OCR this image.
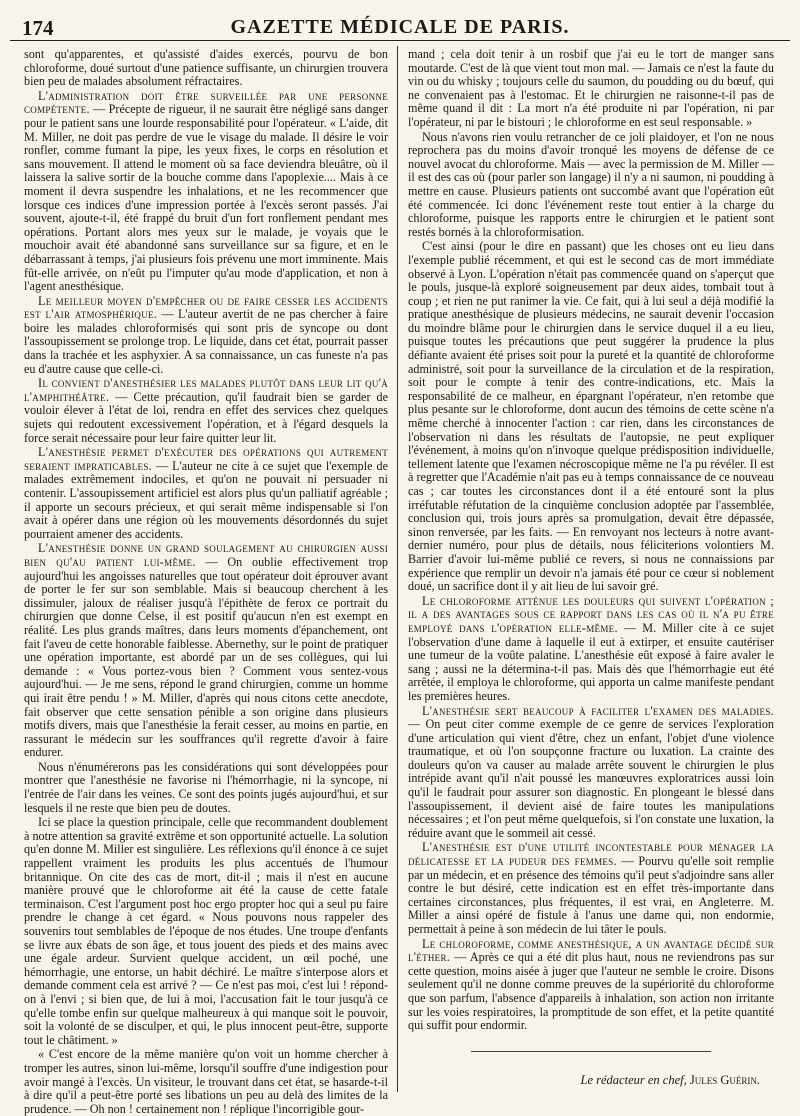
174	GAZETTE MÉDICALE DE PARIS.

sont qu'apparentes, et qu'assisté d'aides exercés, pourvu de bon chloroforme, doué surtout d'une patience suffisante, un chirurgien trouvera bien peu de malades absolument réfractaires.

L'administration doit être surveillée par une personne compétente. — Précepte de rigueur, il ne saurait être négligé sans danger pour le patient sans une lourde responsabilité pour l'opérateur. « L'aide, dit M. Miller, ne doit pas perdre de vue le visage du malade. Il désire le voir ronfler, comme fumant la pipe, les yeux fixes, le corps en résolution et sans mouvement. Il attend le moment où sa face deviendra bleuâtre, où il laissera la salive sortir de la bouche comme dans l'apoplexie.... Mais à ce moment il devra suspendre les inhalations, et ne les recommencer que lorsque ces indices d'une impression portée à l'excès seront passés. J'ai souvent, ajoute-t-il, été frappé du bruit d'un fort ronflement pendant mes opérations. Portant alors mes yeux sur le malade, je voyais que le mouchoir avait été abandonné sans surveillance sur sa figure, et en le débarrassant à temps, j'ai plusieurs fois prévenu une mort imminente. Mais fût-elle arrivée, on n'eût pu l'imputer qu'au mode d'application, et non à l'agent anesthésique.

Le meilleur moyen d'empêcher ou de faire cesser les accidents est l'air atmosphérique. — L'auteur avertit de ne pas chercher à faire boire les malades chloroformisés qui sont pris de syncope ou dont l'assoupissement se prolonge trop. Le liquide, dans cet état, pourrait passer dans la trachée et les asphyxier. A sa connaissance, un cas funeste n'a pas eu d'autre cause que celle-ci.

Il convient d'anesthésier les malades plutôt dans leur lit qu'à l'amphithéâtre. — Cette précaution, qu'il faudrait bien se garder de vouloir élever à l'état de loi, rendra en effet des services chez quelques sujets qui redoutent excessivement l'opération, et à l'égard desquels la force serait nécessaire pour leur faire quitter leur lit.

L'anesthésie permet d'exécuter des opérations qui autrement seraient impraticables. — L'auteur ne cite à ce sujet que l'exemple de malades extrêmement indociles, et qu'on ne pouvait ni persuader ni contenir. L'assoupissement artificiel est alors plus qu'un palliatif agréable ; il apporte un secours précieux, et qui serait même indispensable si l'on avait à opérer dans une région où les mouvements désordonnés du sujet pourraient amener des accidents.

L'anesthésie donne un grand soulagement au chirurgien aussi bien qu'au patient lui-même. — On oublie effectivement trop aujourd'hui les angoisses naturelles que tout opérateur doit éprouver avant de porter le fer sur son semblable. Mais si beaucoup cherchent à les dissimuler, jaloux de réaliser jusqu'à l'épithète de ferox ce portrait du chirurgien que donne Celse, il est positif qu'aucun n'en est exempt en réalité. Les plus grands maîtres, dans leurs moments d'épanchement, ont fait l'aveu de cette honorable faiblesse. Abernethy, sur le point de pratiquer une opération importante, est abordé par un de ses collègues, qui lui demande : « Vous portez-vous bien ? Comment vous sentez-vous aujourd'hui. — Je me sens, répond le grand chirurgien, comme un homme qui irait être pendu ! » M. Miller, d'après qui nous citons cette anecdote, fait observer que cette sensation pénible a son origine dans plusieurs motifs divers, mais que l'anesthésie la ferait cesser, au moins en partie, en rassurant le médecin sur les souffrances qu'il regrette d'avoir à faire endurer.

Nous n'énumérerons pas les considérations qui sont développées pour montrer que l'anesthésie ne favorise ni l'hémorrhagie, ni la syncope, ni l'entrée de l'air dans les veines. Ce sont des points jugés aujourd'hui, et sur lesquels il ne reste que bien peu de doutes.

Ici se place la question principale, celle que recommandent doublement à notre attention sa gravité extrême et son opportunité actuelle. La solution qu'en donne M. Miller est singulière. Les réflexions qu'il énonce à ce sujet rappellent vraiment les produits les plus accentués de l'humour britannique. On cite des cas de mort, dit-il ; mais il n'est en aucune manière prouvé que le chloroforme ait été la cause de cette fatale terminaison. C'est l'argument post hoc ergo propter hoc qui a seul pu faire prendre le change à cet égard. « Nous pouvons nous rappeler des souvenirs tout semblables de l'époque de nos études. Une troupe d'enfants se livre aux ébats de son âge, et tous jouent des pieds et des mains avec une égale ardeur. Survient quelque accident, un œil poché, une hémorrhagie, une entorse, un habit déchiré. Le maître s'interpose alors et demande comment cela est arrivé ? — Ce n'est pas moi, c'est lui ! répond-on à l'envi ; si bien que, de lui à moi, l'accusation fait le tour jusqu'à ce qu'elle tombe enfin sur quelque malheureux à qui manque soit le pouvoir, soit la volonté de se disculper, et qui, le plus innocent peut-être, supporte tout le châtiment. »

« C'est encore de la même manière qu'on voit un homme chercher à tromper les autres, sinon lui-même, lorsqu'il souffre d'une indigestion pour avoir mangé à l'excès. Un visiteur, le trouvant dans cet état, se hasarde-t-il à dire qu'il a peut-être porté ses libations un peu au delà des limites de la prudence. — Oh non ! certainement non ! réplique l'incorrigible gour-

mand ; cela doit tenir à un rosbif que j'ai eu le tort de manger sans moutarde. C'est de là que vient tout mon mal. — Jamais ce n'est la faute du vin ou du whisky ; toujours celle du saumon, du poudding ou du bœuf, qui ne convenaient pas à l'estomac. Et le chirurgien ne raisonne-t-il pas de même quand il dit : La mort n'a été produite ni par l'opération, ni par l'opérateur, ni par le bistouri ; le chloroforme en est seul responsable. »

Nous n'avons rien voulu retrancher de ce joli plaidoyer, et l'on ne nous reprochera pas du moins d'avoir tronqué les moyens de défense de ce nouvel avocat du chloroforme. Mais — avec la permission de M. Miller — il est des cas où (pour parler son langage) il n'y a ni saumon, ni poudding à mettre en cause. Plusieurs patients ont succombé avant que l'opération eût été commencée. Ici donc l'événement reste tout entier à la charge du chloroforme, puisque les rapports entre le chirurgien et le patient sont restés bornés à la chloroformisation.

C'est ainsi (pour le dire en passant) que les choses ont eu lieu dans l'exemple publié récemment, et qui est le second cas de mort immédiate observé à Lyon. L'opération n'était pas commencée quand on s'aperçut que le pouls, jusque-là exploré soigneusement par deux aides, tombait tout à coup ; et rien ne put ranimer la vie. Ce fait, qui à lui seul a déjà modifié la pratique anesthésique de plusieurs médecins, ne saurait devenir l'occasion du moindre blâme pour le chirurgien dans le service duquel il a eu lieu, puisque toutes les précautions que peut suggérer la prudence la plus défiante avaient été prises soit pour la pureté et la quantité de chloroforme administré, soit pour la surveillance de la circulation et de la respiration, soit pour le compte à tenir des contre-indications, etc. Mais la responsabilité de ce malheur, en épargnant l'opérateur, n'en retombe que plus pesante sur le chloroforme, dont aucun des témoins de cette scène n'a même cherché à innocenter l'action : car rien, dans les circonstances de l'observation ni dans les résultats de l'autopsie, ne peut expliquer l'événement, à moins qu'on n'invoque quelque prédisposition individuelle, tellement latente que l'examen nécroscopique même ne l'a pu révéler. Il est à regretter que l'Académie n'ait pas eu à temps connaissance de ce nouveau cas ; car toutes les circonstances dont il a été entouré sont la plus irréfutable réfutation de la cinquième conclusion adoptée par l'assemblée, conclusion qui, trois jours après sa promulgation, devait être dépassée, sinon renversée, par les faits. — En renvoyant nos lecteurs à notre avant-dernier numéro, pour plus de détails, nous féliciterions volontiers M. Barrier d'avoir lui-même publié ce revers, si nous ne connaissions par expérience que remplir un devoir n'a jamais été pour ce cœur si noblement doué, un sacrifice dont il y ait lieu de lui savoir gré.

Le chloroforme atténue les douleurs qui suivent l'opération ; il a des avantages sous ce rapport dans les cas où il n'a pu être employé dans l'opération elle-même. — M. Miller cite à ce sujet l'observation d'une dame à laquelle il eut à extirper, et ensuite cautériser une tumeur de la voûte palatine. L'anesthésie eût exposé à faire avaler le sang ; aussi ne la détermina-t-il pas. Mais dès que l'hémorrhagie eut été arrêtée, il employa le chloroforme, qui apporta un calme manifeste pendant les premières heures.

L'anesthésie sert beaucoup à faciliter l'examen des maladies. — On peut citer comme exemple de ce genre de services l'exploration d'une articulation qui vient d'être, chez un enfant, l'objet d'une violence traumatique, et où l'on soupçonne fracture ou luxation. La crainte des douleurs qu'on va causer au malade arrête souvent le chirurgien le plus intrépide avant qu'il n'ait poussé les manœuvres exploratrices aussi loin qu'il le faudrait pour assurer son diagnostic. En plongeant le blessé dans l'assoupissement, il devient aisé de faire toutes les manipulations nécessaires ; et l'on peut même quelquefois, si l'on constate une luxation, la réduire avant que le sommeil ait cessé.

L'anesthésie est d'une utilité incontestable pour ménager la délicatesse et la pudeur des femmes. — Pourvu qu'elle soit remplie par un médecin, et en présence des témoins qu'il peut s'adjoindre sans aller contre le but désiré, cette indication est en effet très-importante dans certaines circonstances, plus fréquentes, il est vrai, en Angleterre. M. Miller a ainsi opéré de fistule à l'anus une dame qui, non endormie, permettait à peine à son médecin de lui tâter le pouls.

Le chloroforme, comme anesthésique, a un avantage décidé sur l'éther. — Après ce qui a été dit plus haut, nous ne reviendrons pas sur cette question, moins aisée à juger que l'auteur ne semble le croire. Disons seulement qu'il ne donne comme preuves de la supériorité du chloroforme que son parfum, l'absence d'appareils à inhalation, son action non irritante sur les voies respiratoires, la promptitude de son effet, et la petite quantité qui suffit pour endormir.

Le rédacteur en chef, Jules Guérin.
